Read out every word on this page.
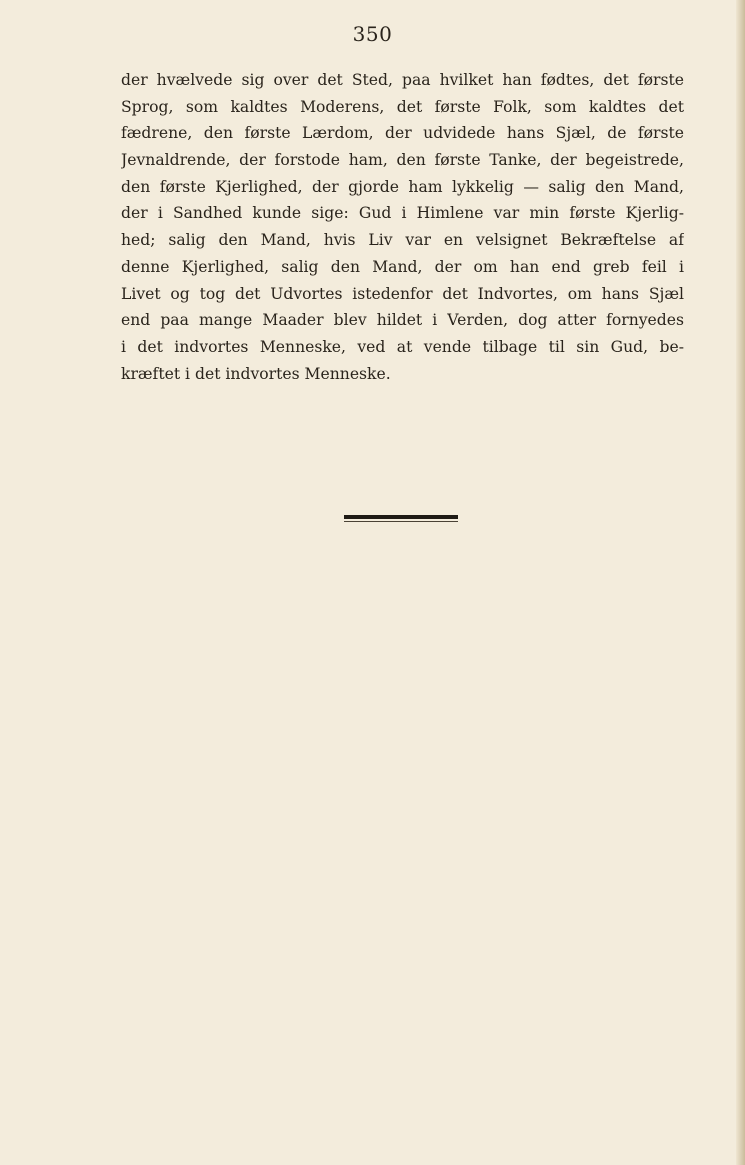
350
der hvælvede sig over det Sted, paa hvilket han fødtes, det første
Sprog, som kaldtes Moderens, det første Folk, som kaldtes det
fædrene, den første Lærdom, der udvidede hans Sjæl, de første
Jevnaldrende, der forstode ham, den første Tanke, der begeistrede,
den første Kjerlighed, der gjorde ham lykkelig — salig den Mand,
der i Sandhed kunde sige: Gud i Himlene var min første Kjerlig-
hed; salig den Mand, hvis Liv var en velsignet Bekræftelse af
denne Kjerlighed, salig den Mand, der om han end greb feil i
Livet og tog det Udvortes istedenfor det Indvortes, om hans Sjæl
end paa mange Maader blev hildet i Verden, dog atter fornyedes
i det indvortes Menneske, ved at vende tilbage til sin Gud, be-
kræftet i det indvortes Menneske.
